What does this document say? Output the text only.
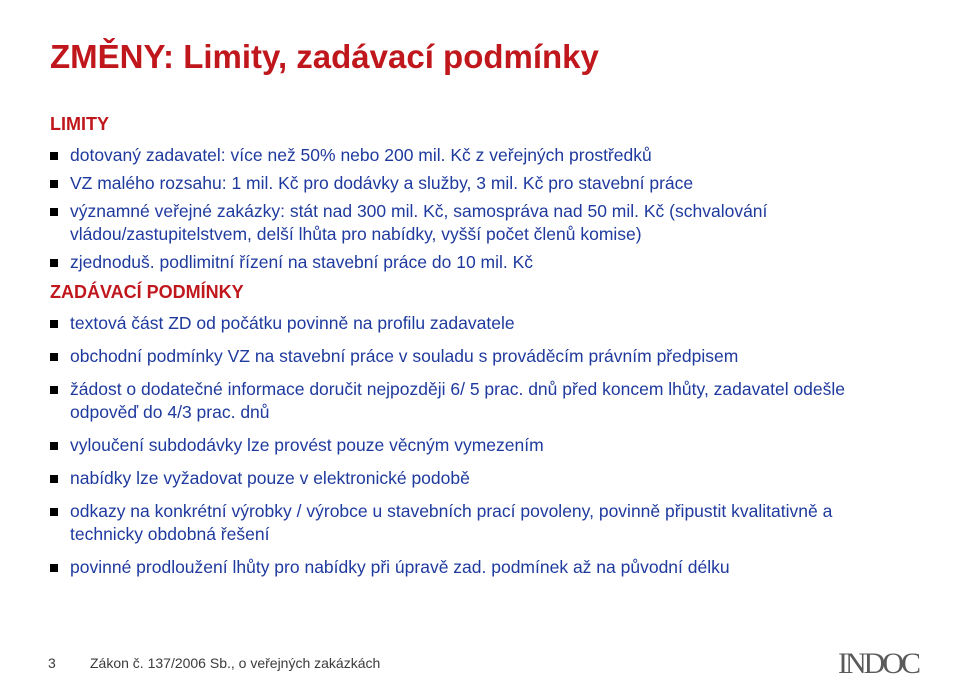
ZMĚNY: Limity, zadávací podmínky
LIMITY
dotovaný zadavatel: více než 50% nebo 200 mil. Kč z veřejných prostředků
VZ malého rozsahu: 1 mil. Kč pro dodávky a služby, 3 mil. Kč pro stavební práce
významné veřejné zakázky: stát nad 300 mil. Kč, samospráva nad 50 mil. Kč (schvalování vládou/zastupitelstvem, delší lhůta pro nabídky, vyšší počet členů komise)
zjednoduš. podlimitní řízení na stavební práce do 10 mil. Kč
ZADÁVACÍ PODMÍNKY
textová část ZD od počátku povinně na profilu zadavatele
obchodní podmínky VZ na stavební práce v souladu s prováděcím právním předpisem
žádost o dodatečné informace doručit nejpozději 6/ 5 prac. dnů před koncem lhůty, zadavatel odešle odpověď do 4/3 prac. dnů
vyloučení subdodávky lze provést pouze věcným vymezením
nabídky lze vyžadovat pouze v elektronické podobě
odkazy na konkrétní výrobky / výrobce u stavebních prací povoleny, povinně připustit kvalitativně a technicky obdobná řešení
povinné prodloužení lhůty pro nabídky při úpravě zad. podmínek až na původní délku
3 Zákon č. 137/2006 Sb., o veřejných zakázkách	INDOC
